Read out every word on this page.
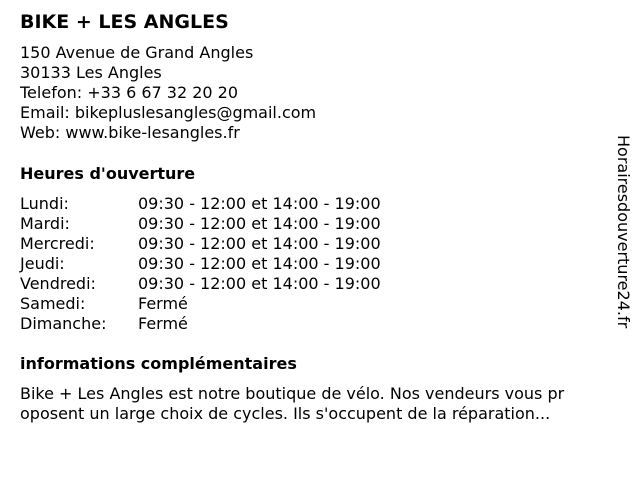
BIKE + LES ANGLES
150 Avenue de Grand Angles
30133 Les Angles
Telefon: +33 6 67 32 20 20
Email: bikepluslesangles@gmail.com
Web: www.bike-lesangles.fr
Heures d'ouverture
Lundi:	09:30 - 12:00 et 14:00 - 19:00
Mardi:	09:30 - 12:00 et 14:00 - 19:00
Mercredi:	09:30 - 12:00 et 14:00 - 19:00
Jeudi:	09:30 - 12:00 et 14:00 - 19:00
Vendredi:	09:30 - 12:00 et 14:00 - 19:00
Samedi:	Fermé
Dimanche:	Fermé
informations complémentaires
Bike + Les Angles est notre boutique de vélo. Nos vendeurs vous pr
oposent un large choix de cycles. Ils s'occupent de la réparation...
Horairesdouverture24.fr
